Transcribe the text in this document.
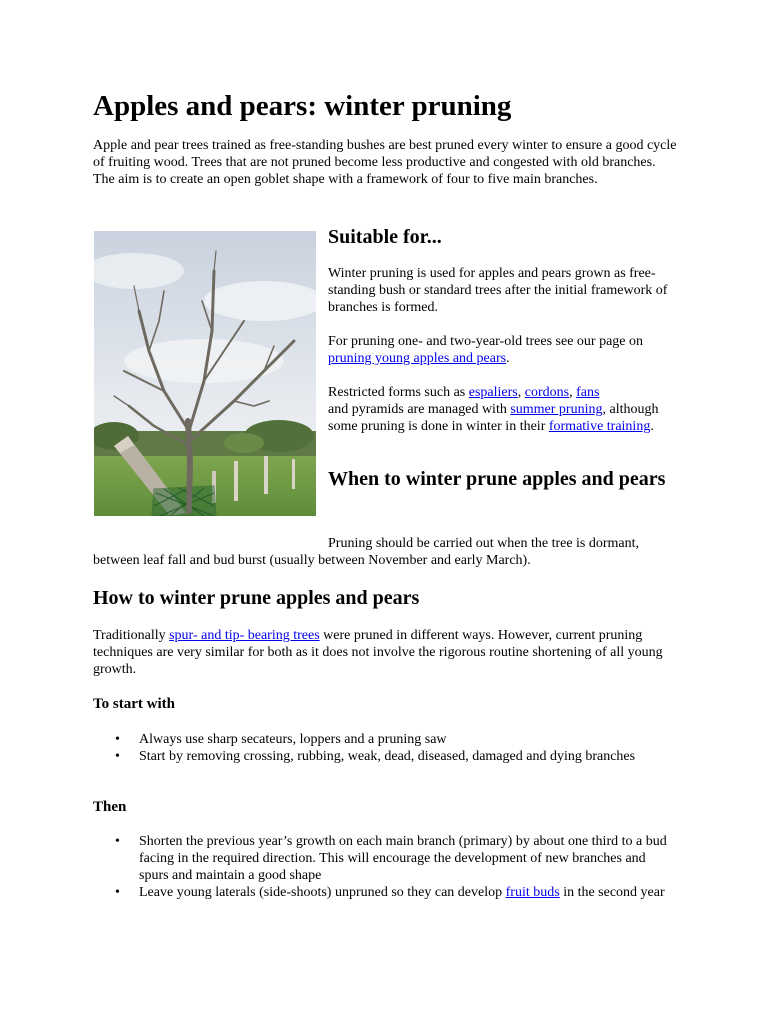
Apples and pears: winter pruning

Apple and pear trees trained as free-standing bushes are best pruned every winter to ensure a good cycle of fruiting wood. Trees that are not pruned become less productive and congested with old branches. The aim is to create an open goblet shape with a framework of four to five main branches.

Suitable for...

Winter pruning is used for apples and pears grown as free-standing bush or standard trees after the initial framework of branches is formed.

For pruning one- and two-year-old trees see our page on pruning young apples and pears.

Restricted forms such as espaliers, cordons, fans
and pyramids are managed with summer pruning, although some pruning is done in winter in their formative training.

When to winter prune apples and pears

Pruning should be carried out when the tree is dormant, between leaf fall and bud burst (usually between November and early March).

How to winter prune apples and pears

Traditionally spur- and tip- bearing trees were pruned in different ways. However, current pruning techniques are very similar for both as it does not involve the rigorous routine shortening of all young growth.

To start with
• Always use sharp secateurs, loppers and a pruning saw
• Start by removing crossing, rubbing, weak, dead, diseased, damaged and dying branches
Then
• Shorten the previous year’s growth on each main branch (primary) by about one third to a bud facing in the required direction. This will encourage the development of new branches and spurs and maintain a good shape
• Leave young laterals (side-shoots) unpruned so they can develop fruit buds in the second year
